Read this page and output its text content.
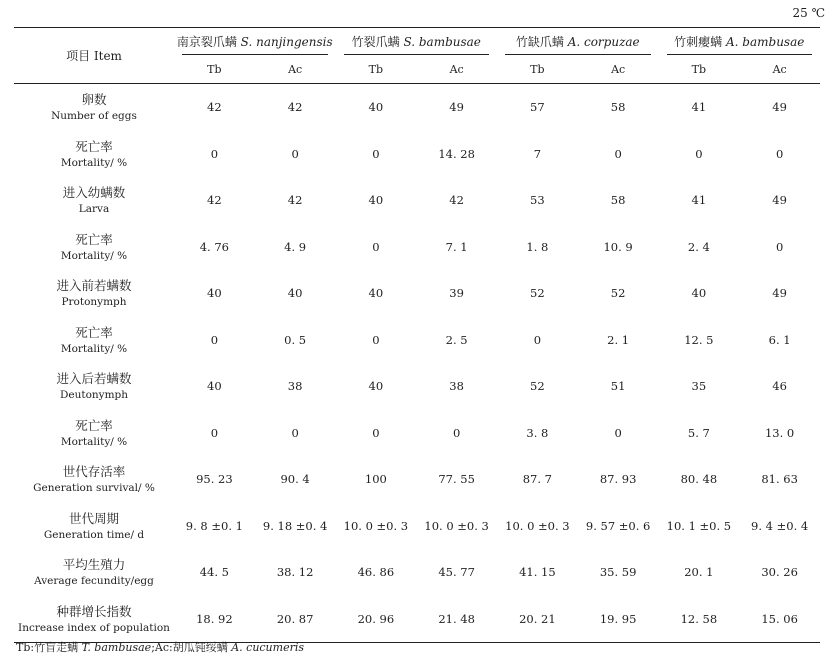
25 ℃
项目 Item	南京裂爪螨 S. nanjingensis		竹裂爪螨 S. bambusae		竹缺爪螨 A. corpuzae		竹刺瘿螨 A. bambusae	
	Tb	Ac	Tb	Ac	Tb	Ac	Tb	Ac

卵数
Number of eggs	42	42	40	49	57	58	41	49

死亡率
Mortality/ %	0	0	0	14. 28	7	0	0	0

进入幼螨数
Larva	42	42	40	42	53	58	41	49

死亡率
Mortality/ %	4. 76	4. 9	0	7. 1	1. 8	10. 9	2. 4	0

进入前若螨数
Protonymph	40	40	40	39	52	52	40	49

死亡率
Mortality/ %	0	0. 5	0	2. 5	0	2. 1	12. 5	6. 1

进入后若螨数
Deutonymph	40	38	40	38	52	51	35	46

死亡率
Mortality/ %	0	0	0	0	3. 8	0	5. 7	13. 0

世代存活率
Generation survival/ %	95. 23	90. 4	100	77. 55	87. 7	87. 93	80. 48	81. 63

世代周期
Generation time/ d	9. 8 ±0. 1	9. 18 ±0. 4	10. 0 ±0. 3	10. 0 ±0. 3	10. 0 ±0. 3	9. 57 ±0. 6	10. 1 ±0. 5	9. 4 ±0. 4

平均生殖力
Average fecundity/egg	44. 5	38. 12	46. 86	45. 77	41. 15	35. 59	20. 1	30. 26

种群增长指数
Increase index of population	18. 92	20. 87	20. 96	21. 48	20. 21	19. 95	12. 58	15. 06
Tb:竹盲走螨 T. bambusae;Ac:胡瓜钝绥螨 A. cucumeris
